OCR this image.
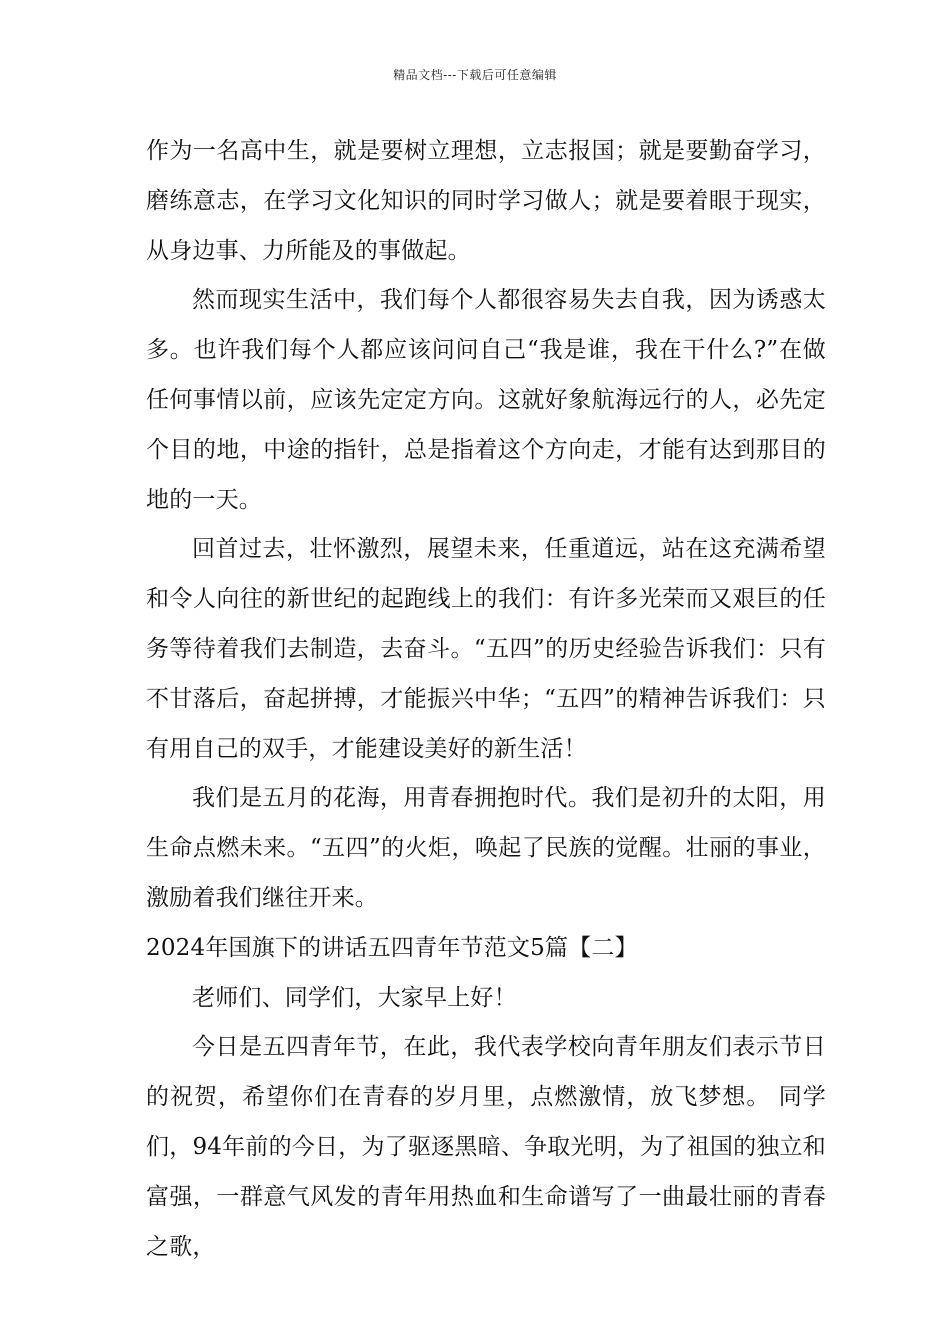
精品文档---下载后可任意编辑

作为一名高中生，就是要树立理想，立志报国；就是要勤奋学习，磨练意志，在学习文化知识的同时学习做人；就是要着眼于现实，从身边事、力所能及的事做起。

然而现实生活中，我们每个人都很容易失去自我，因为诱惑太多。也许我们每个人都应该问问自己“我是谁，我在干什么?”在做任何事情以前，应该先定定方向。这就好象航海远行的人，必先定个目的地，中途的指针，总是指着这个方向走，才能有达到那目的地的一天。

回首过去，壮怀激烈，展望未来，任重道远，站在这充满希望和令人向往的新世纪的起跑线上的我们：有许多光荣而又艰巨的任务等待着我们去制造，去奋斗。“五四”的历史经验告诉我们：只有不甘落后，奋起拼搏，才能振兴中华；“五四”的精神告诉我们：只有用自己的双手，才能建设美好的新生活！

我们是五月的花海，用青春拥抱时代。我们是初升的太阳，用生命点燃未来。“五四”的火炬，唤起了民族的觉醒。壮丽的事业，激励着我们继往开来。

2024年国旗下的讲话五四青年节范文5篇【二】

老师们、同学们，大家早上好！

今日是五四青年节，在此，我代表学校向青年朋友们表示节日的祝贺，希望你们在青春的岁月里，点燃激情，放飞梦想。 同学们，94年前的今日，为了驱逐黑暗、争取光明，为了祖国的独立和富强，一群意气风发的青年用热血和生命谱写了一曲最壮丽的青春之歌，
